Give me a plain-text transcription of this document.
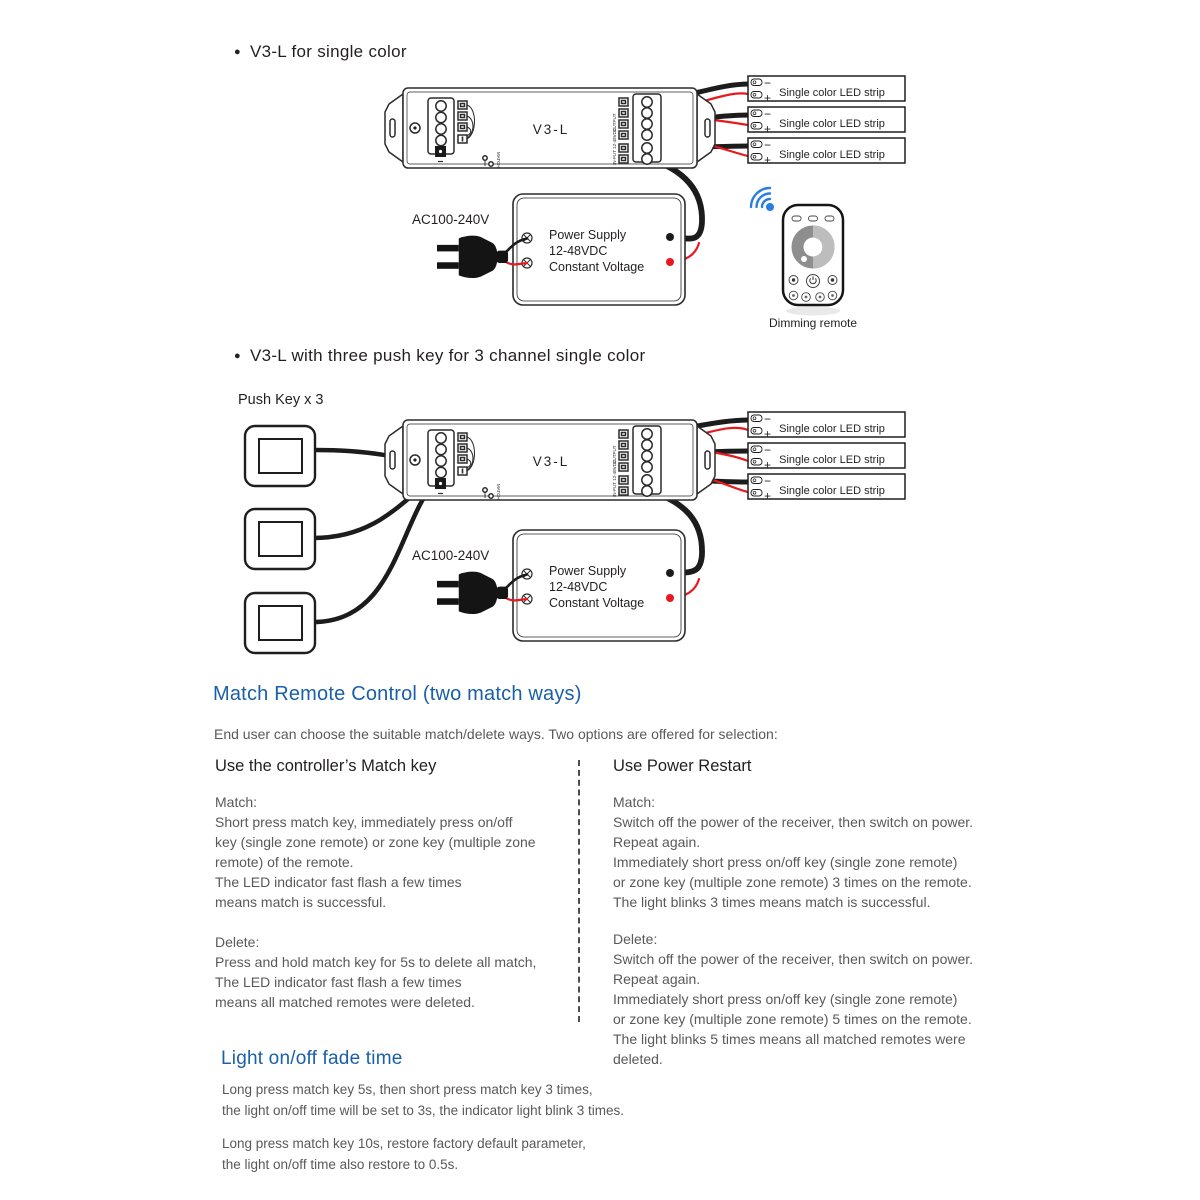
● V3-L for single color
● V3-L with three push key for 3 channel single color
Push Key x 3
V3-L
MATCH
OUTPUT
IN-PUT 12-48VDC
Single color LED strip
−
+
Single color LED strip
−
+
Single color LED strip
−
+
Power Supply
12-48VDC
Constant Voltage
AC100-240V
Dimming remote
V3-L
MATCH
OUTPUT
IN-PUT 12-48VDC
Single color LED strip
−
+
Single color LED strip
−
+
Single color LED strip
−
+
Power Supply
12-48VDC
Constant Voltage
AC100-240V
Match Remote Control (two match ways)
End user can choose the suitable match/delete ways. Two options are offered for selection:
Use the controller’s Match key
Match:
Short press match key, immediately press on/off
key (single zone remote) or zone key (multiple zone
remote) of the remote.
The LED indicator fast flash a few times
means match is successful.
Delete:
Press and hold match key for 5s to delete all match,
The LED indicator fast flash a few times
means all matched remotes were deleted.
Use Power Restart
Match:
Switch off the power of the receiver, then switch on power.
Repeat again.
Immediately short press on/off key (single zone remote)
or zone key (multiple zone remote) 3 times on the remote.
The light blinks 3 times means match is successful.
Delete:
Switch off the power of the receiver, then switch on power.
Repeat again.
Immediately short press on/off key (single zone remote)
or zone key (multiple zone remote) 5 times on the remote.
The light blinks 5 times means all matched remotes were
deleted.
Light on/off fade time
Long press match key 5s, then short press match key 3 times,
the light on/off time will be set to 3s, the indicator light blink 3 times.
Long press match key 10s, restore factory default parameter,
the light on/off time also restore to 0.5s.
